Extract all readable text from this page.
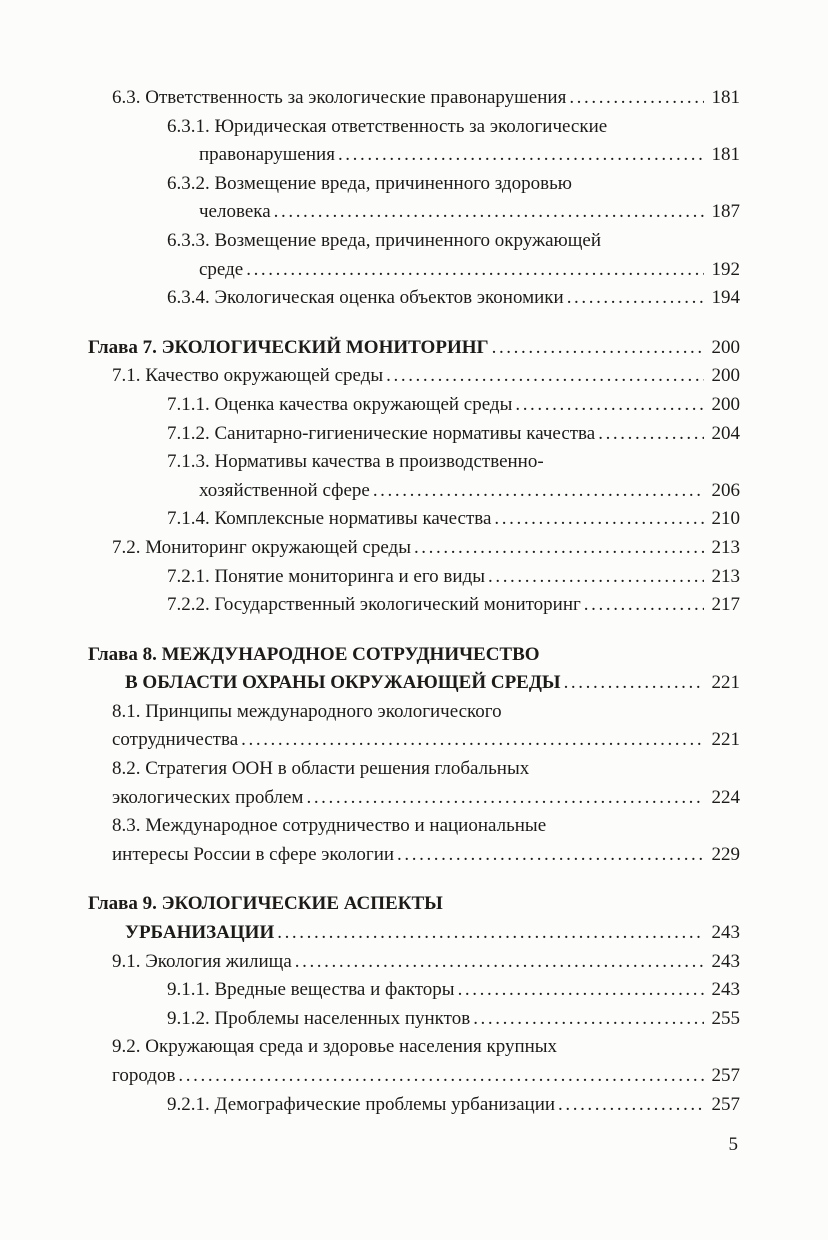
6.3. Ответственность за экологические правонарушения .....	181
6.3.1. Юридическая ответственность за экологические
правонарушения .....	181
6.3.2. Возмещение вреда, причиненного здоровью
человека .....	187
6.3.3. Возмещение вреда, причиненного окружающей
среде .....	192
6.3.4. Экологическая оценка объектов экономики .....	194
Глава 7. ЭКОЛОГИЧЕСКИЙ МОНИТОРИНГ .....	200
7.1. Качество окружающей среды .....	200
7.1.1. Оценка качества окружающей среды .....	200
7.1.2. Санитарно-гигиенические нормативы качества .....	204
7.1.3. Нормативы качества в производственно-
хозяйственной сфере .....	206
7.1.4. Комплексные нормативы качества .....	210
7.2. Мониторинг окружающей среды .....	213
7.2.1. Понятие мониторинга и его виды .....	213
7.2.2. Государственный экологический мониторинг .....	217
Глава 8. МЕЖДУНАРОДНОЕ СОТРУДНИЧЕСТВО
В ОБЛАСТИ ОХРАНЫ ОКРУЖАЮЩЕЙ СРЕДЫ .....	221
8.1. Принципы международного экологического
сотрудничества .....	221
8.2. Стратегия ООН в области решения глобальных
экологических проблем .....	224
8.3. Международное сотрудничество и национальные
интересы России в сфере экологии .....	229
Глава 9. ЭКОЛОГИЧЕСКИЕ АСПЕКТЫ
УРБАНИЗАЦИИ .....	243
9.1. Экология жилища .....	243
9.1.1. Вредные вещества и факторы .....	243
9.1.2. Проблемы населенных пунктов .....	255
9.2. Окружающая среда и здоровье населения крупных
городов .....	257
9.2.1. Демографические проблемы урбанизации .....	257
5
